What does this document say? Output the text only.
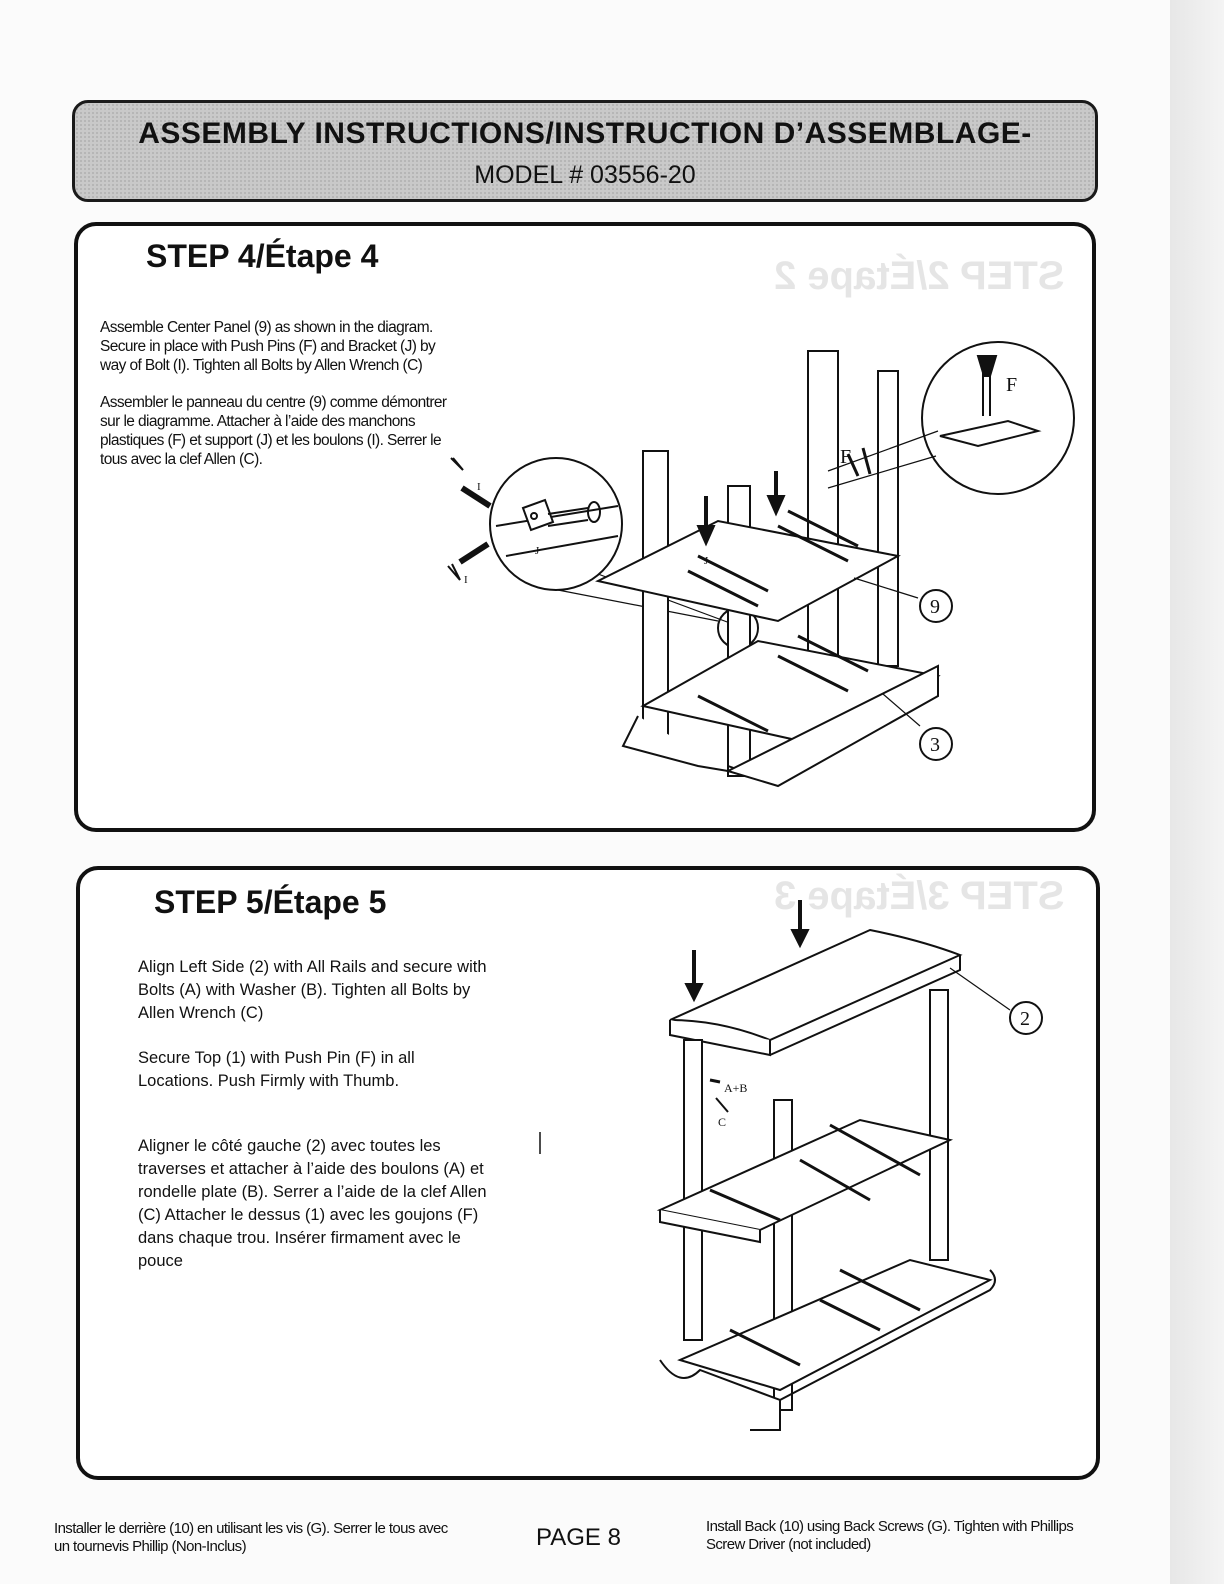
ASSEMBLY INSTRUCTIONS/INSTRUCTION D’ASSEMBLAGE-
MODEL # 03556-20
STEP 2/Étape 2
STEP 4/Étape 4

Assemble Center Panel (9) as shown in the diagram. Secure in place with Push Pins (F) and Bracket (J) by way of Bolt (I). Tighten all Bolts by Allen Wrench (C)

Assembler le panneau du centre (9) comme démontrer sur le diagramme. Attacher à l’aide des manchons plastiques (F) et support (J) et les boulons (I). Serrer le tous avec la clef Allen (C).

F
F
9
3
I
I
J
J
STEP 3/Étape 3
STEP 5/Étape 5

Align Left Side (2) with All Rails and secure with Bolts (A) with Washer (B). Tighten all Bolts by Allen Wrench (C)

Secure Top (1) with Push Pin (F) in all Locations. Push Firmly with Thumb.

Aligner le côté gauche (2) avec toutes les traverses et attacher à l’aide des boulons (A) et rondelle plate (B). Serrer a l’aide de la clef Allen (C) Attacher le dessus (1) avec les goujons (F) dans chaque trou. Insérer firmament avec le pouce

A+B
C
2
Installer le derrière (10) en utilisant les vis (G). Serrer le tous avec un tournevis Phillip (Non-Inclus)	PAGE 8	Install Back (10) using Back Screws (G). Tighten with Phillips Screw Driver (not included)
